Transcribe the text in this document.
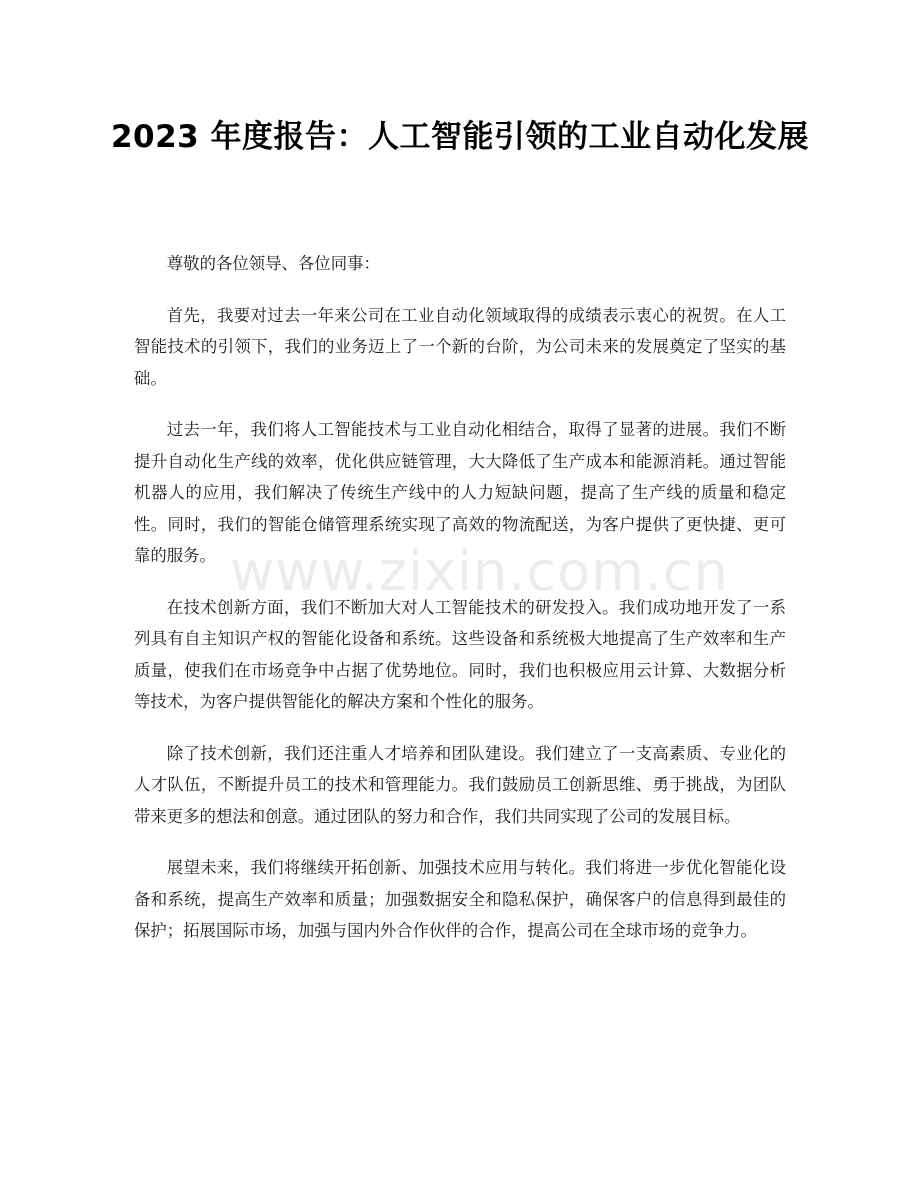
2023 年度报告：人工智能引领的工业自动化发展

尊敬的各位领导、各位同事：

首先，我要对过去一年来公司在工业自动化领域取得的成绩表示衷心的祝贺。在人工智能技术的引领下，我们的业务迈上了一个新的台阶，为公司未来的发展奠定了坚实的基础。

过去一年，我们将人工智能技术与工业自动化相结合，取得了显著的进展。我们不断提升自动化生产线的效率，优化供应链管理，大大降低了生产成本和能源消耗。通过智能机器人的应用，我们解决了传统生产线中的人力短缺问题，提高了生产线的质量和稳定性。同时，我们的智能仓储管理系统实现了高效的物流配送，为客户提供了更快捷、更可靠的服务。

在技术创新方面，我们不断加大对人工智能技术的研发投入。我们成功地开发了一系列具有自主知识产权的智能化设备和系统。这些设备和系统极大地提高了生产效率和生产质量，使我们在市场竞争中占据了优势地位。同时，我们也积极应用云计算、大数据分析等技术，为客户提供智能化的解决方案和个性化的服务。

除了技术创新，我们还注重人才培养和团队建设。我们建立了一支高素质、专业化的人才队伍，不断提升员工的技术和管理能力。我们鼓励员工创新思维、勇于挑战，为团队带来更多的想法和创意。通过团队的努力和合作，我们共同实现了公司的发展目标。

展望未来，我们将继续开拓创新、加强技术应用与转化。我们将进一步优化智能化设备和系统，提高生产效率和质量；加强数据安全和隐私保护，确保客户的信息得到最佳的保护；拓展国际市场，加强与国内外合作伙伴的合作，提高公司在全球市场的竞争力。

www.zixin.com.cn
